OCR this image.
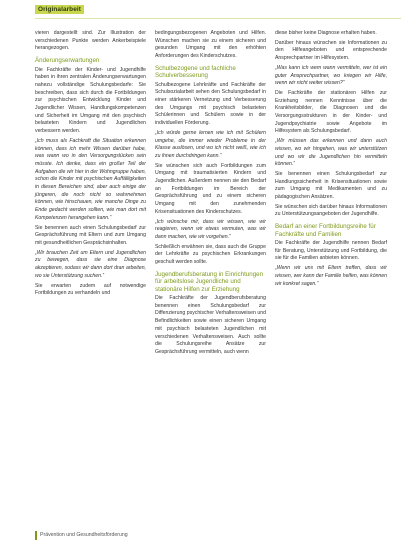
Originalarbeit

vieren dargestellt sind. Zur Illustration der verschiedenen Punkte werden Ankerbeispiele herangezogen.

Änderungserwartungen

Die Fachkräfte der Kinder- und Jugendhilfe haben in ihren zentralen Änderungserwartungen nahezu vollständige Schulungsbedarfe: Sie beschreiben, dass sich durch die Fortbildungen zur psychischen Entwicklung Kinder und Jugendlicher Wissen, Handlungskompetenzen und Sicherheit im Umgang mit den psychisch belasteten Kindern und Jugendlichen verbessern werden.

„Ich muss als Fachkraft die Situation erkennen können, dass ich mehr Wissen darüber habe, was wann wo in den Versorgungslücken sein müsste. Ich denke, dass ein großer Teil der Aufgaben die wir hier in der Wohngruppe haben, schon die Kinder mit psychischen Auffälligkeiten in diesen Bereichen sind, aber auch einige der jüngeren, die noch nicht so wahrnehmen können, wie hinschauen, wie manche Dinge zu Ende gedacht werden sollten, wie man dort mit Kompetenzen herangehen kann.“

Sie benennen auch einen Schulungsbedarf zur Gesprächsführung mit Eltern und zum Umgang mit gesundheitlichen Gesprächsinhalten.

„Wir brauchen Zeit um Eltern und Jugendlichen zu bewegen, dass sie eine Diagnose akzeptieren, sodass wir dann dort dran arbeiten, wo sie Unterstützung suchen.“

Sie erwarten zudem auf notwendige Fortbildungen zu verhandeln und

bedingungsbezogenen Angeboten und Hilfen. Wünschen machen sie zu einem sicheren und gesunden Umgang mit den erhöhten Anforderungen des Kinderschutzes.

Schulbezogene und fachliche Schulverbesserung

Schulbezogene Lehrkräfte und Fachkräfte der Schulsozialarbeit sehen den Schulungsbedarf in einer stärkeren Vernetzung und Verbesserung des Umgangs mit psychisch belasteten Schülerinnen und Schülern sowie in der individuellen Förderung.

„Ich würde gerne lernen wie ich mit Schülern umgehe, die immer wieder Probleme in der Klasse auslösen, und wo ich nicht weiß, wie ich zu ihnen durchdringen kann.“

Sie wünschen sich auch Fortbildungen zum Umgang mit traumatisierten Kindern und Jugendlichen. Außerdem nennen sie den Bedarf an Fortbildungen im Bereich der Gesprächsführung und zu einem sicheren Umgang mit den zunehmenden Krisensituationen des Kinderschutzes.

„Ich wünsche mir, dass wir wissen, wie wir reagieren, wenn wir etwas vermuten, was wir dann machen, wie wir vorgehen.“

Schließlich erwähnen sie, dass auch die Gruppe der Lehrkräfte zu psychischen Erkrankungen geschult werden sollte.

Jugendberufsberatung in Einrichtungen für arbeitslose Jugendliche und stationäre Hilfen zur Erziehung

Die Fachkräfte der Jugendberufsberatung benennen einen Schulungsbedarf zur Diffenzierung psychischer Verhaltensweisen und Befindlichkeiten sowie einen sicheren Umgang mit psychisch belasteten Jugendlichen mit verschiedenen Verhaltensweisen. Auch sollte die Schulungsreihe Ansätze zur Gesprächsführung vermitteln, auch wenn

diese bisher keine Diagnose erhalten haben.

Darüber hinaus wünschen sie Informationen zu den Hilfeangeboten und entsprechende Ansprechpartner im Hilfesystem.

„Was kann ich wem wann vermitteln, wer ist ein guter Ansprechpartner, wo kriegen wir Hilfe, wenn wir nicht weiter wissen?“

Die Fachkräfte der stationären Hilfen zur Erziehung nennen Kenntnisse über die Krankheitsbilder, die Diagnosen und die Versorgungsstrukturen in der Kinder- und Jugendpsychiatrie sowie Angebote im Hilfesystem als Schulungsbedarf.

„Wir müssen das erkennen und dann auch wissen, wo wir hingehen, was wir unterstützen und wo wir die Jugendlichen hin vermitteln können.“

Sie benennen einen Schulungsbedarf zur Handlungssicherheit in Krisensituationen sowie zum Umgang mit Medikamenten und zu pädagogischen Ansätzen.

Sie wünschen sich darüber hinaus Informationen zu Unterstützungsangeboten der Jugendhilfe.

Bedarf an einer Fortbildungsreihe für Fachkräfte und Familien

Die Fachkräfte der Jugendhilfe nennen Bedarf für Beratung, Unterstützung und Fortbildung, die sie für die Familien anbieten können.

„Wenn wir uns mit Eltern treffen, dass wir wissen, wer kann der Familie helfen, was können wir konkret sagen.“

Prävention und Gesundheitsförderung
